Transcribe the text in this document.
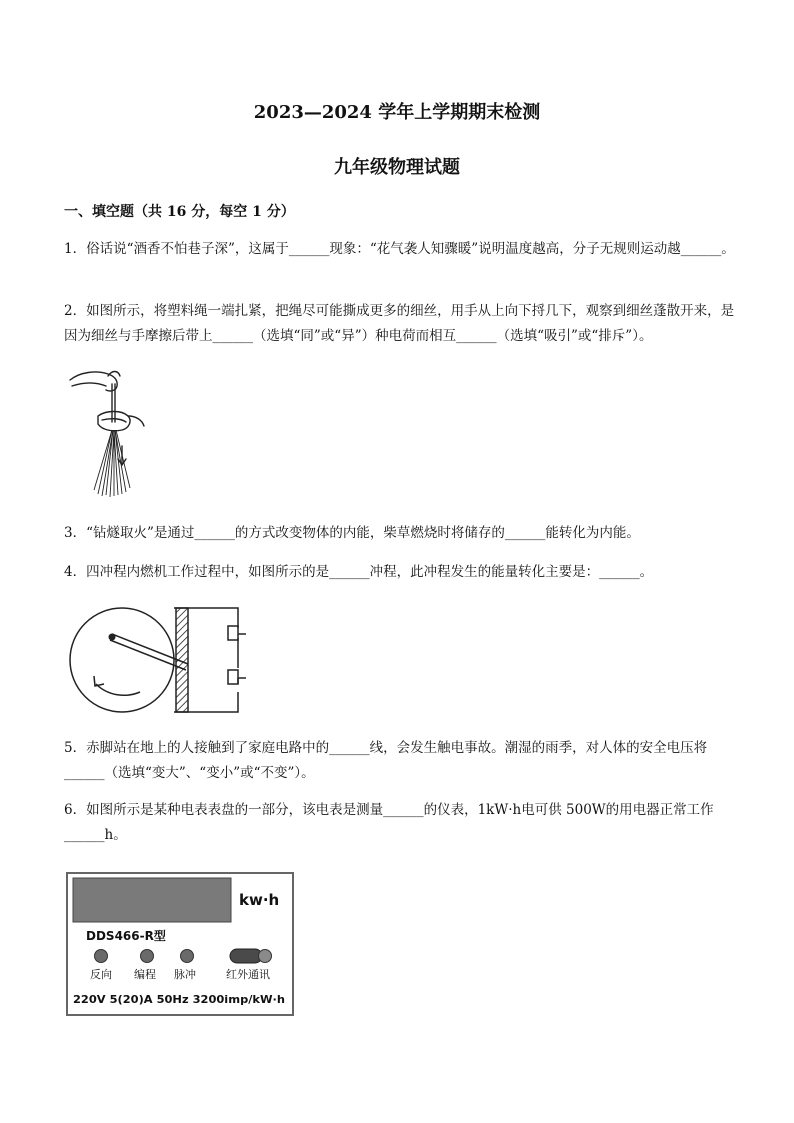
2023—2024 学年上学期期末检测
九年级物理试题
一、填空题（共 16 分，每空 1 分）
1．俗话说“酒香不怕巷子深”，这属于______现象：“花气袭人知骤暖”说明温度越高，分子无规则运动越______。
2．如图所示，将塑料绳一端扎紧，把绳尽可能撕成更多的细丝，用手从上向下捋几下，观察到细丝蓬散开来，是因为细丝与手摩擦后带上______（选填“同”或“异”）种电荷而相互______（选填“吸引”或“排斥”）。
3．“钻燧取火”是通过______的方式改变物体的内能，柴草燃烧时将储存的______能转化为内能。
4．四冲程内燃机工作过程中，如图所示的是______冲程，此冲程发生的能量转化主要是：______。
5．赤脚站在地上的人接触到了家庭电路中的______线，会发生触电事故。潮湿的雨季，对人体的安全电压将______（选填“变大”、“变小”或“不变”）。
6．如图所示是某种电表表盘的一部分，该电表是测量______的仪表，1kW·h电可供 500W的用电器正常工作______h。
kw·h
DDS466-R型
反向 编程 脉冲	红外通讯
220V 5(20)A 50Hz 3200imp/kW·h
